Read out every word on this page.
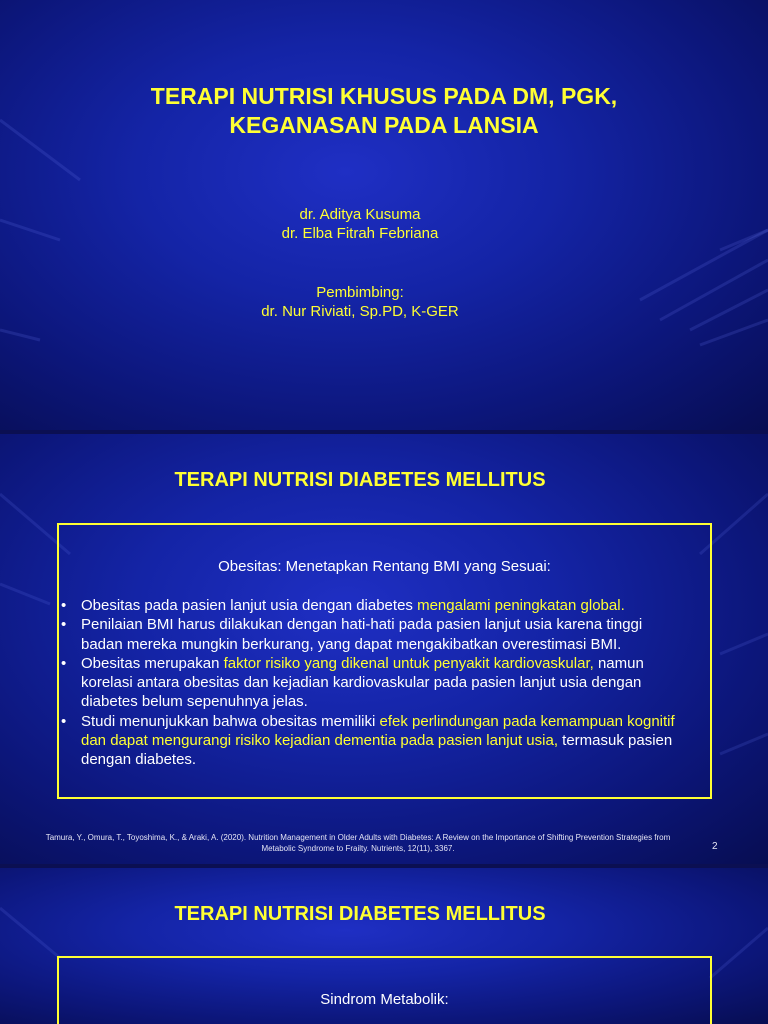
TERAPI NUTRISI KHUSUS PADA DM, PGK,
KEGANASAN PADA LANSIA
dr. Aditya Kusuma
dr. Elba Fitrah Febriana
Pembimbing:
dr. Nur Riviati, Sp.PD, K-GER
TERAPI NUTRISI DIABETES MELLITUS
Obesitas: Menetapkan Rentang BMI yang Sesuai:
• Obesitas pada pasien lanjut usia dengan diabetes mengalami peningkatan global.
• Penilaian BMI harus dilakukan dengan hati-hati pada pasien lanjut usia karena tinggi badan mereka mungkin berkurang, yang dapat mengakibatkan overestimasi BMI.
• Obesitas merupakan faktor risiko yang dikenal untuk penyakit kardiovaskular, namun korelasi antara obesitas dan kejadian kardiovaskular pada pasien lanjut usia dengan diabetes belum sepenuhnya jelas.
• Studi menunjukkan bahwa obesitas memiliki efek perlindungan pada kemampuan kognitif dan dapat mengurangi risiko kejadian dementia pada pasien lanjut usia, termasuk pasien dengan diabetes.
Tamura, Y., Omura, T., Toyoshima, K., & Araki, A. (2020). Nutrition Management in Older Adults with Diabetes: A Review on the Importance of Shifting Prevention Strategies from
Metabolic Syndrome to Frailty. Nutrients, 12(11), 3367.	2
TERAPI NUTRISI DIABETES MELLITUS
Sindrom Metabolik:
